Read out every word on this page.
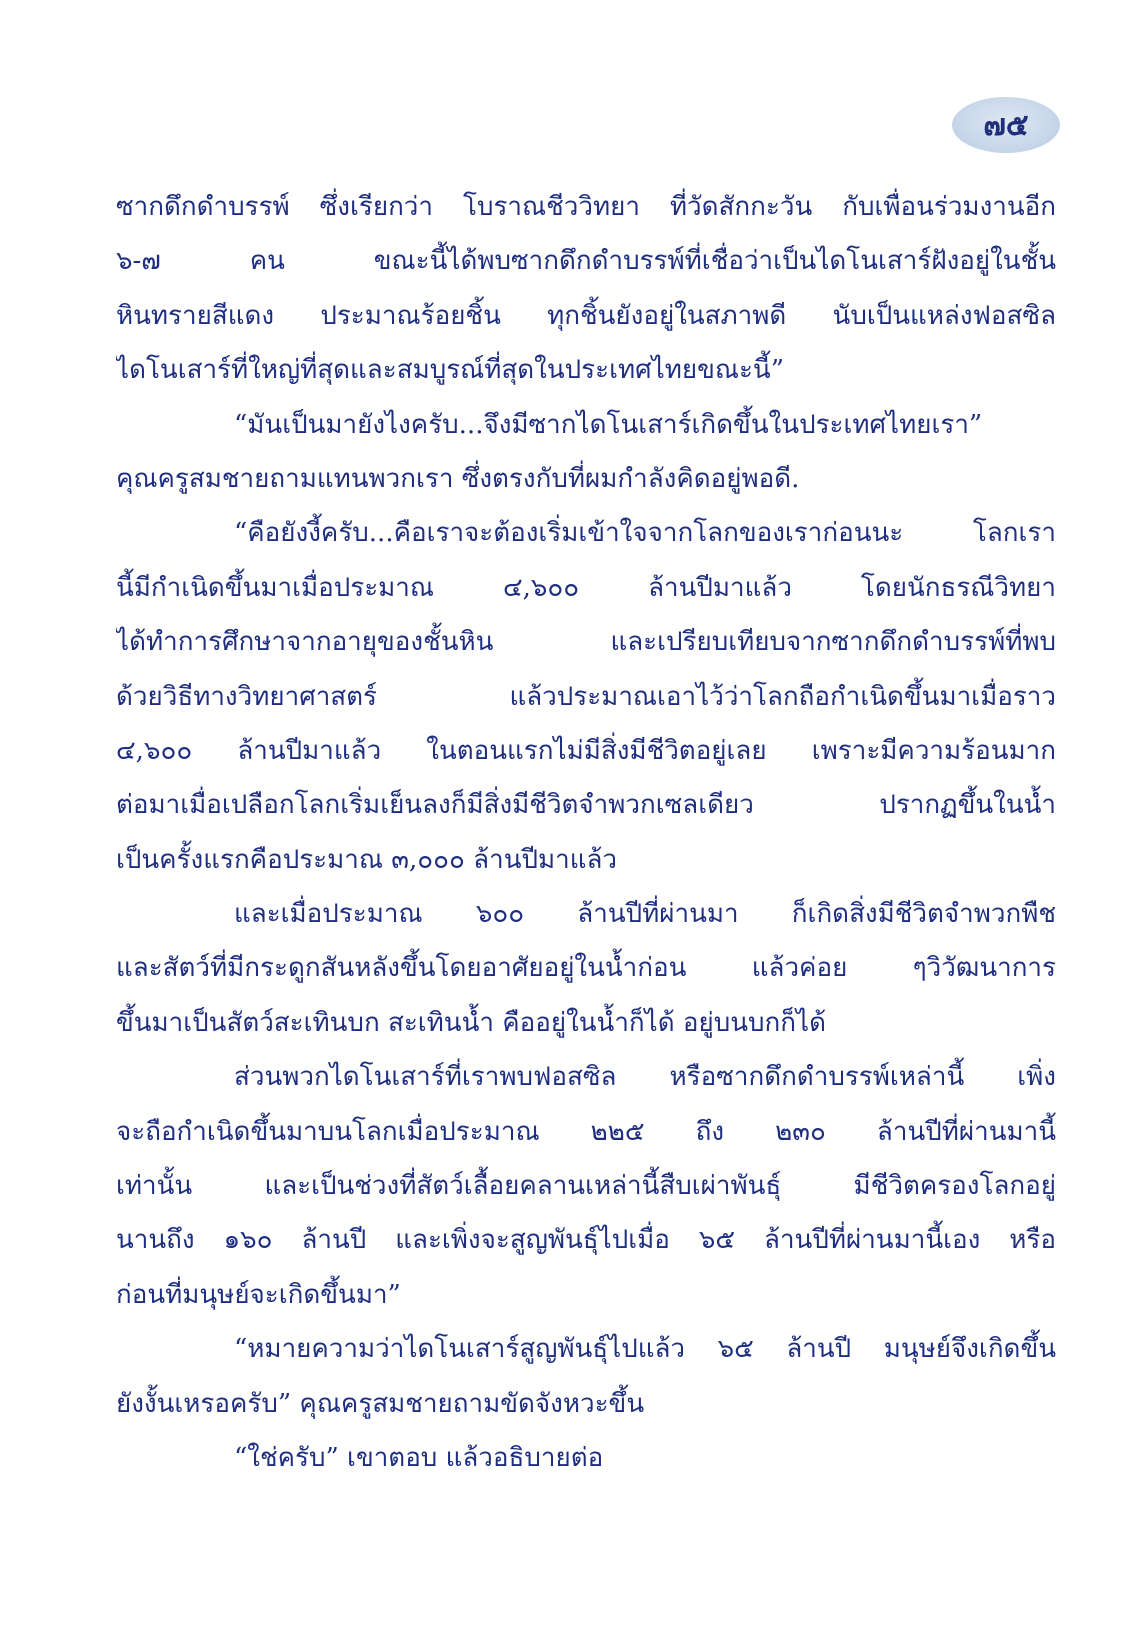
๗๕
ซากดึกดำบรรพ์ ซึ่งเรียกว่า โบราณชีววิทยา ที่วัดสักกะวัน กับเพื่อนร่วมงานอีก
๖-๗ คน ขณะนี้ได้พบซากดึกดำบรรพ์ที่เชื่อว่าเป็นไดโนเสาร์ฝังอยู่ในชั้น
หินทรายสีแดง ประมาณร้อยชิ้น ทุกชิ้นยังอยู่ในสภาพดี นับเป็นแหล่งฟอสซิล
ไดโนเสาร์ที่ใหญ่ที่สุดและสมบูรณ์ที่สุดในประเทศไทยขณะนี้”
“มันเป็นมายังไงครับ...จึงมีซากไดโนเสาร์เกิดขึ้นในประเทศไทยเรา”
คุณครูสมชายถามแทนพวกเรา ซึ่งตรงกับที่ผมกำลังคิดอยู่พอดี.
“คือยังงี้ครับ...คือเราจะต้องเริ่มเข้าใจจากโลกของเราก่อนนะ โลกเรา
นี้มีกำเนิดขึ้นมาเมื่อประมาณ ๔,๖๐๐ ล้านปีมาแล้ว โดยนักธรณีวิทยา
ได้ทำการศึกษาจากอายุของชั้นหิน และเปรียบเทียบจากซากดึกดำบรรพ์ที่พบ
ด้วยวิธีทางวิทยาศาสตร์ แล้วประมาณเอาไว้ว่าโลกถือกำเนิดขึ้นมาเมื่อราว
๔,๖๐๐ ล้านปีมาแล้ว ในตอนแรกไม่มีสิ่งมีชีวิตอยู่เลย เพราะมีความร้อนมาก
ต่อมาเมื่อเปลือกโลกเริ่มเย็นลงก็มีสิ่งมีชีวิตจำพวกเซลเดียว ปรากฏขึ้นในน้ำ
เป็นครั้งแรกคือประมาณ ๓,๐๐๐ ล้านปีมาแล้ว
และเมื่อประมาณ ๖๐๐ ล้านปีที่ผ่านมา ก็เกิดสิ่งมีชีวิตจำพวกพืช
และสัตว์ที่มีกระดูกสันหลังขึ้นโดยอาศัยอยู่ในน้ำก่อน แล้วค่อย ๆวิวัฒนาการ
ขึ้นมาเป็นสัตว์สะเทินบก สะเทินน้ำ คืออยู่ในน้ำก็ได้ อยู่บนบกก็ได้
ส่วนพวกไดโนเสาร์ที่เราพบฟอสซิล หรือซากดึกดำบรรพ์เหล่านี้ เพิ่ง
จะถือกำเนิดขึ้นมาบนโลกเมื่อประมาณ ๒๒๕ ถึง ๒๓๐ ล้านปีที่ผ่านมานี้
เท่านั้น และเป็นช่วงที่สัตว์เลื้อยคลานเหล่านี้สืบเผ่าพันธุ์ มีชีวิตครองโลกอยู่
นานถึง ๑๖๐ ล้านปี และเพิ่งจะสูญพันธุ์ไปเมื่อ ๖๕ ล้านปีที่ผ่านมานี้เอง หรือ
ก่อนที่มนุษย์จะเกิดขึ้นมา”
“หมายความว่าไดโนเสาร์สูญพันธุ์ไปแล้ว ๖๕ ล้านปี มนุษย์จึงเกิดขึ้น
ยังงั้นเหรอครับ” คุณครูสมชายถามขัดจังหวะขึ้น
“ใช่ครับ” เขาตอบ แล้วอธิบายต่อ
